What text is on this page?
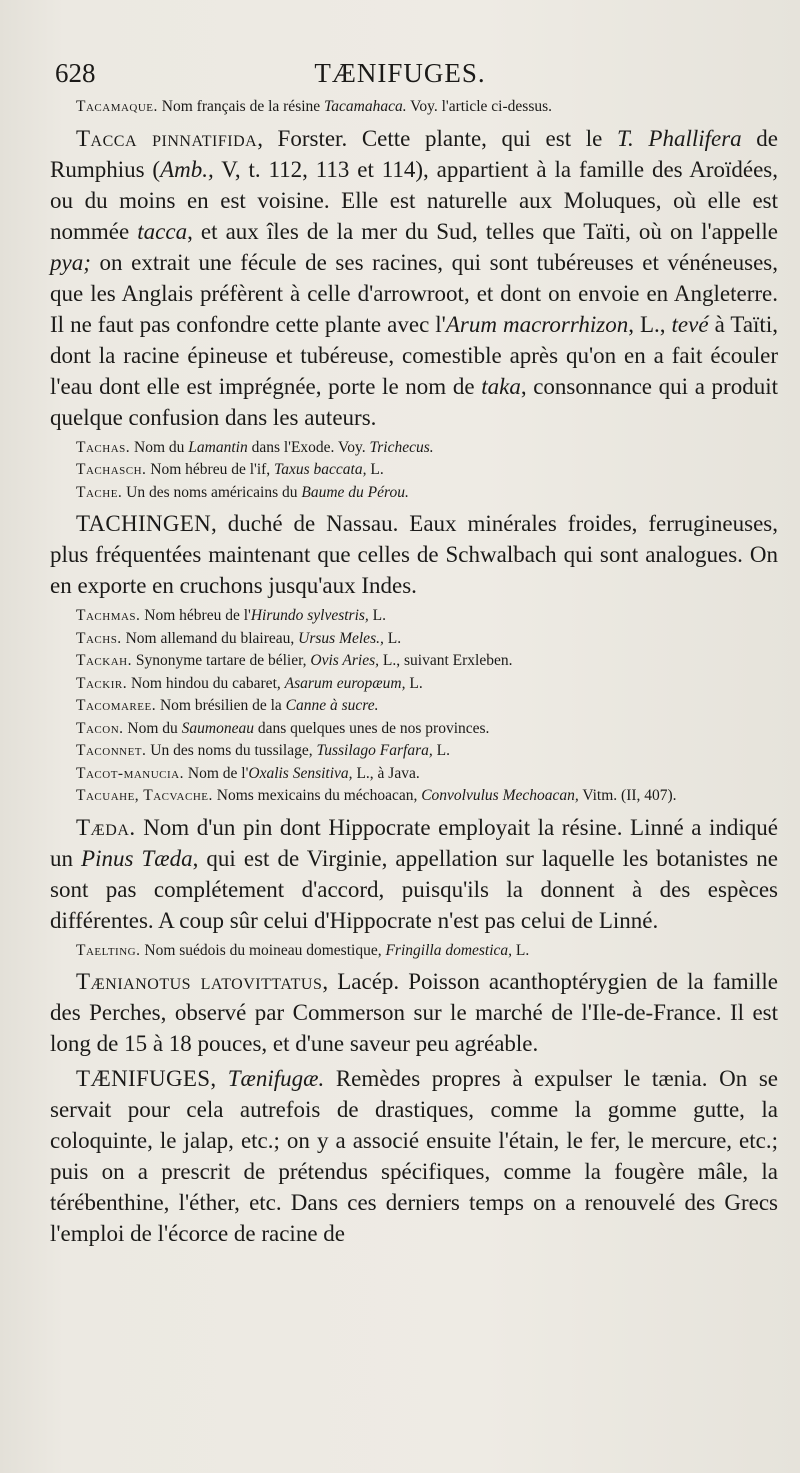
628	TÆNIFUGES.

Tacamaque. Nom français de la résine Tacamahaca. Voy. l'article ci-dessus.

Tacca pinnatifida, Forster. Cette plante, qui est le T. Phallifera de Rumphius (Amb., V, t. 112, 113 et 114), appartient à la famille des Aroïdées, ou du moins en est voisine. Elle est naturelle aux Moluques, où elle est nommée tacca, et aux îles de la mer du Sud, telles que Taïti, où on l'appelle pya; on extrait une fécule de ses racines, qui sont tubéreuses et vénéneuses, que les Anglais préfèrent à celle d'arrowroot, et dont on envoie en Angleterre. Il ne faut pas confondre cette plante avec l'Arum macrorrhizon, L., tevé à Taïti, dont la racine épineuse et tubéreuse, comestible après qu'on en a fait écouler l'eau dont elle est imprégnée, porte le nom de taka, consonnance qui a produit quelque confusion dans les auteurs.

Tachas. Nom du Lamantin dans l'Exode. Voy. Trichecus.

Tachasch. Nom hébreu de l'if, Taxus baccata, L.

Tache. Un des noms américains du Baume du Pérou.

TACHINGEN, duché de Nassau. Eaux minérales froides, ferrugineuses, plus fréquentées maintenant que celles de Schwalbach qui sont analogues. On en exporte en cruchons jusqu'aux Indes.

Tachmas. Nom hébreu de l'Hirundo sylvestris, L.

Tachs. Nom allemand du blaireau, Ursus Meles., L.

Tackah. Synonyme tartare de bélier, Ovis Aries, L., suivant Erxleben.

Tackir. Nom hindou du cabaret, Asarum europæum, L.

Tacomaree. Nom brésilien de la Canne à sucre.

Tacon. Nom du Saumoneau dans quelques unes de nos provinces.

Taconnet. Un des noms du tussilage, Tussilago Farfara, L.

Tacot-manucia. Nom de l'Oxalis Sensitiva, L., à Java.

Tacuahe, Tacvache. Noms mexicains du méchoacan, Convolvulus Mechoacan, Vitm. (II, 407).

Tæda. Nom d'un pin dont Hippocrate employait la résine. Linné a indiqué un Pinus Tæda, qui est de Virginie, appellation sur laquelle les botanistes ne sont pas complétement d'accord, puisqu'ils la donnent à des espèces différentes. A coup sûr celui d'Hippocrate n'est pas celui de Linné.

Taelting. Nom suédois du moineau domestique, Fringilla domestica, L.

Tænianotus latovittatus, Lacép. Poisson acanthoptérygien de la famille des Perches, observé par Commerson sur le marché de l'Ile-de-France. Il est long de 15 à 18 pouces, et d'une saveur peu agréable.

TÆNIFUGES, Tænifugæ. Remèdes propres à expulser le tænia. On se servait pour cela autrefois de drastiques, comme la gomme gutte, la coloquinte, le jalap, etc.; on y a associé ensuite l'étain, le fer, le mercure, etc.; puis on a prescrit de prétendus spécifiques, comme la fougère mâle, la térébenthine, l'éther, etc. Dans ces derniers temps on a renouvelé des Grecs l'emploi de l'écorce de racine de
